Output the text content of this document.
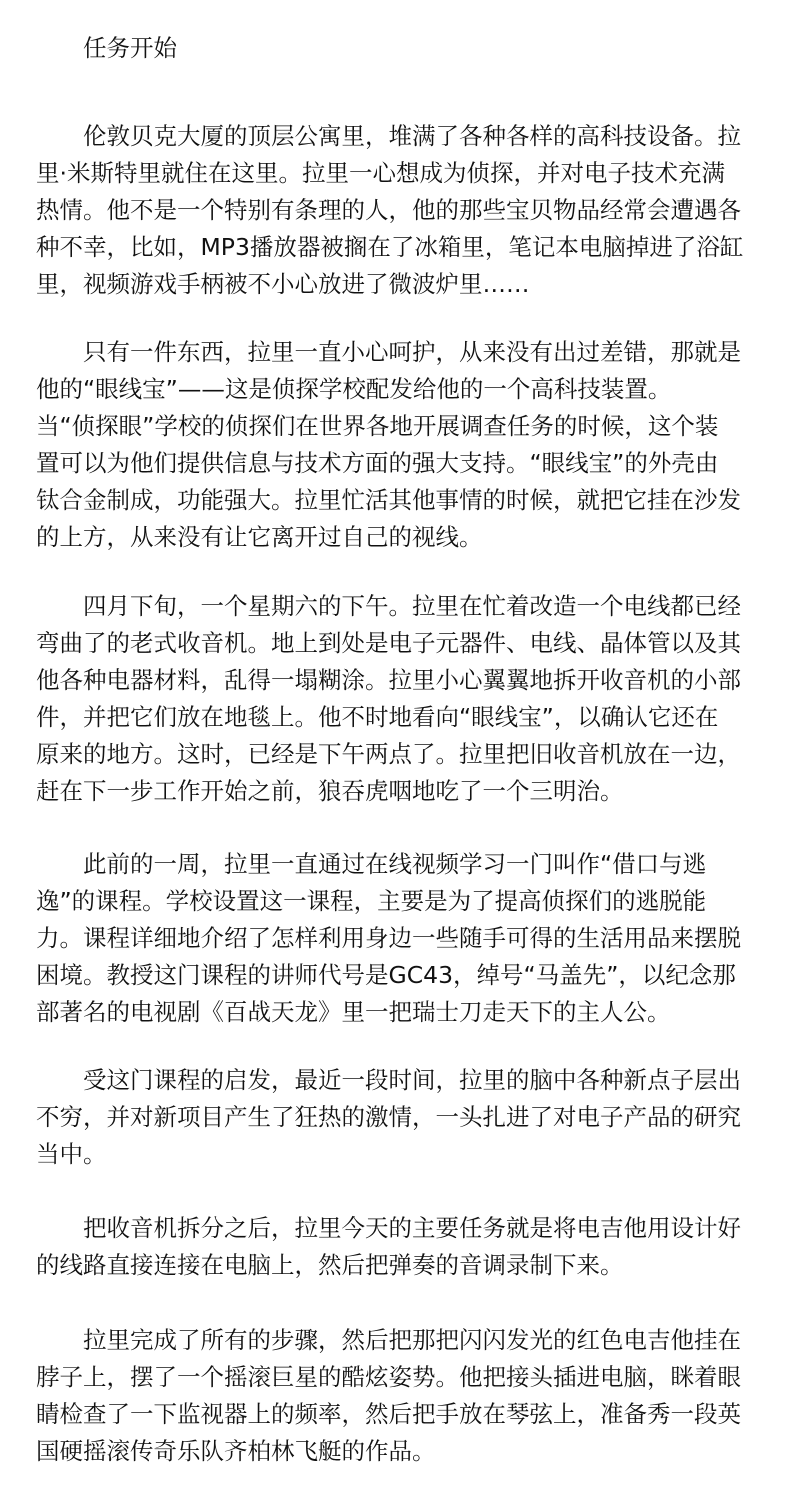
任务开始

伦敦贝克大厦的顶层公寓里，堆满了各种各样的高科技设备。拉
里·米斯特里就住在这里。拉里一心想成为侦探，并对电子技术充满
热情。他不是一个特别有条理的人，他的那些宝贝物品经常会遭遇各
种不幸，比如，MP3播放器被搁在了冰箱里，笔记本电脑掉进了浴缸
里，视频游戏手柄被不小心放进了微波炉里……

只有一件东西，拉里一直小心呵护，从来没有出过差错，那就是
他的“眼线宝”——这是侦探学校配发给他的一个高科技装置。
当“侦探眼”学校的侦探们在世界各地开展调查任务的时候，这个装
置可以为他们提供信息与技术方面的强大支持。“眼线宝”的外壳由
钛合金制成，功能强大。拉里忙活其他事情的时候，就把它挂在沙发
的上方，从来没有让它离开过自己的视线。

四月下旬，一个星期六的下午。拉里在忙着改造一个电线都已经
弯曲了的老式收音机。地上到处是电子元器件、电线、晶体管以及其
他各种电器材料，乱得一塌糊涂。拉里小心翼翼地拆开收音机的小部
件，并把它们放在地毯上。他不时地看向“眼线宝”，以确认它还在
原来的地方。这时，已经是下午两点了。拉里把旧收音机放在一边，
赶在下一步工作开始之前，狼吞虎咽地吃了一个三明治。

此前的一周，拉里一直通过在线视频学习一门叫作“借口与逃
逸”的课程。学校设置这一课程，主要是为了提高侦探们的逃脱能
力。课程详细地介绍了怎样利用身边一些随手可得的生活用品来摆脱
困境。教授这门课程的讲师代号是GC43，绰号“马盖先”，以纪念那
部著名的电视剧《百战天龙》里一把瑞士刀走天下的主人公。

受这门课程的启发，最近一段时间，拉里的脑中各种新点子层出
不穷，并对新项目产生了狂热的激情，一头扎进了对电子产品的研究
当中。

把收音机拆分之后，拉里今天的主要任务就是将电吉他用设计好
的线路直接连接在电脑上，然后把弹奏的音调录制下来。

拉里完成了所有的步骤，然后把那把闪闪发光的红色电吉他挂在
脖子上，摆了一个摇滚巨星的酷炫姿势。他把接头插进电脑，眯着眼
睛检查了一下监视器上的频率，然后把手放在琴弦上，准备秀一段英
国硬摇滚传奇乐队齐柏林飞艇的作品。
